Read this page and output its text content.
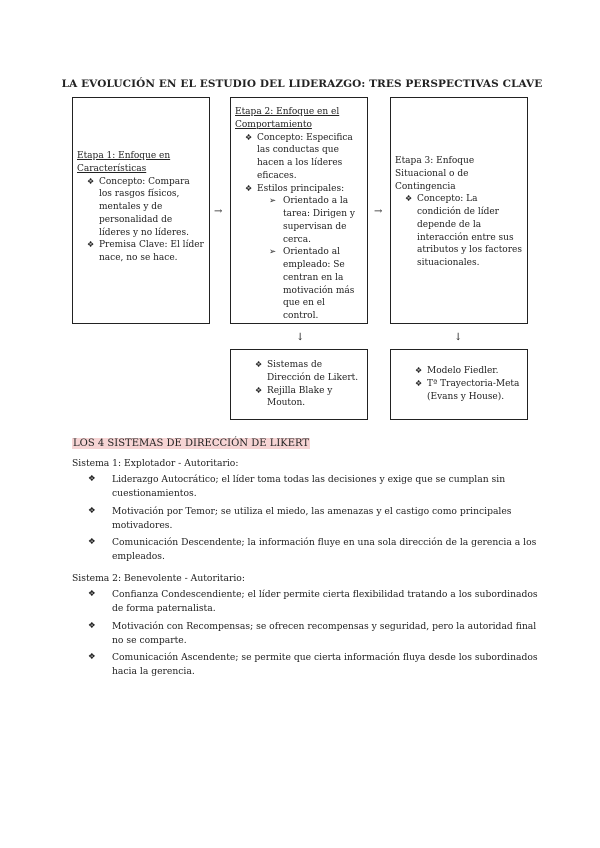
LA EVOLUCIÓN EN EL ESTUDIO DEL LIDERAZGO: TRES PERSPECTIVAS CLAVE
Etapa 1: Enfoque en Características
❖ Concepto: Compara los rasgos físicos, mentales y de personalidad de líderes y no líderes.
❖ Premisa Clave: El líder nace, no se hace.
→
Etapa 2: Enfoque en el Comportamiento
❖ Concepto: Especifica las conductas que hacen a los líderes eficaces.
❖ Estilos principales:
➢ Orientado a la tarea: Dirigen y supervisan de cerca.
➢ Orientado al empleado: Se centran en la motivación más que en el control.
→
Etapa 3: Enfoque Situacional o de Contingencia
❖ Concepto: La condición de líder depende de la interacción entre sus atributos y los factores situacionales.
↓	↓
❖ Sistemas de Dirección de Likert.
❖ Rejilla Blake y Mouton.
❖ Modelo Fiedler.
❖ Tª Trayectoria-Meta (Evans y House).
LOS 4 SISTEMAS DE DIRECCIÓN DE LIKERT
Sistema 1: Explotador - Autoritario:
❖ Liderazgo Autocrático; el líder toma todas las decisiones y exige que se cumplan sin cuestionamientos.
❖ Motivación por Temor; se utiliza el miedo, las amenazas y el castigo como principales motivadores.
❖ Comunicación Descendente; la información fluye en una sola dirección de la gerencia a los empleados.
Sistema 2: Benevolente - Autoritario:
❖ Confianza Condescendiente; el líder permite cierta flexibilidad tratando a los subordinados de forma paternalista.
❖ Motivación con Recompensas; se ofrecen recompensas y seguridad, pero la autoridad final no se comparte.
❖ Comunicación Ascendente; se permite que cierta información fluya desde los subordinados hacia la gerencia.
